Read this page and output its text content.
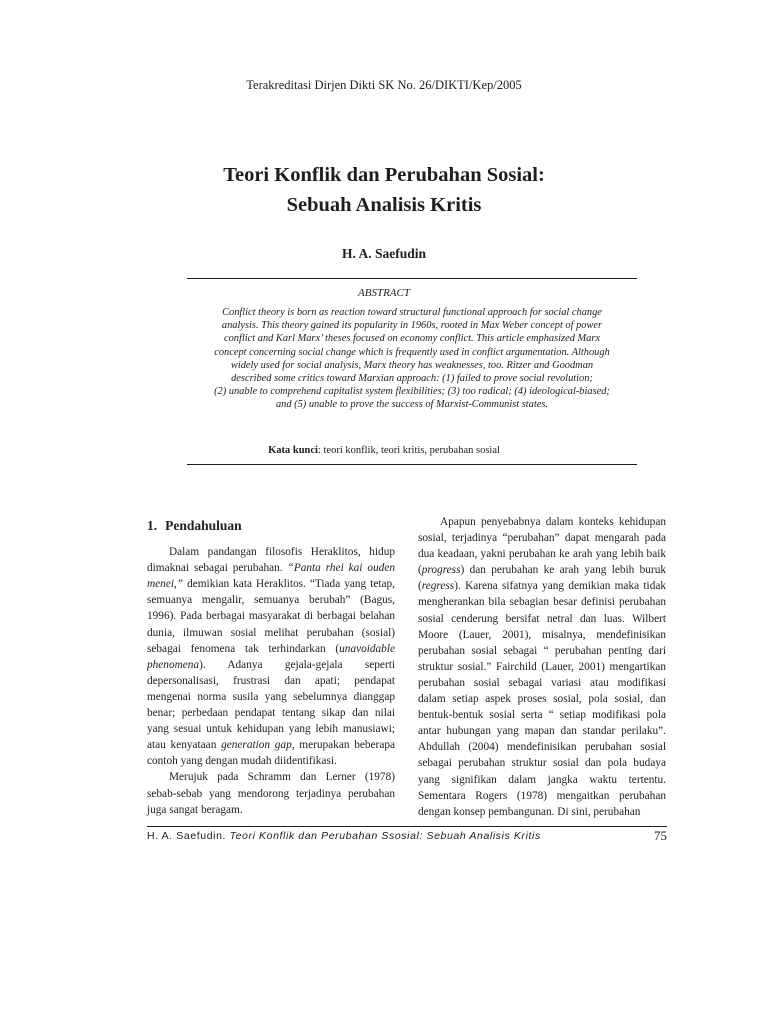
Terakreditasi Dirjen Dikti SK No. 26/DIKTI/Kep/2005
Teori Konflik dan Perubahan Sosial:
Sebuah Analisis Kritis
H. A. Saefudin
ABSTRACT

Conflict theory is born as reaction toward structural functional approach for social change
analysis. This theory gained its popularity in 1960s, rooted in Max Weber concept of power
conflict and Karl Marx’ theses focused on economy conflict. This article emphasized Marx
concept concerning social change which is frequently used in conflict argumentation. Although
widely used for social analysis, Marx theory has weaknesses, too. Ritzer and Goodman
described some critics toward Marxian approach: (1) failed to prove social revolution;
(2) unable to comprehend capitalist system flexibilities; (3) too radical; (4) ideological-biased;
and (5) unable to prove the success of Marxist-Communist states.

Kata kunci: teori konflik, teori kritis, perubahan sosial
1. Pendahuluan

Dalam pandangan filosofis Heraklitos, hidup dimaknai sebagai perubahan. “Panta rhei kai ouden menei,” demikian kata Heraklitos. “Tiada yang tetap, semuanya mengalir, semuanya berubah” (Bagus, 1996). Pada berbagai masyarakat di berbagai belahan dunia, ilmuwan sosial melihat perubahan (sosial) sebagai fenomena tak terhindarkan (unavoidable phenomena). Adanya gejala-gejala seperti depersonalisasi, frustrasi dan apati; pendapat mengenai norma susila yang sebelumnya dianggap benar; perbedaan pendapat tentang sikap dan nilai yang sesuai untuk kehidupan yang lebih manusiawi; atau kenyataan generation gap, merupakan beberapa contoh yang dengan mudah diidentifikasi.

Merujuk pada Schramm dan Lerner (1978) sebab-sebab yang mendorong terjadinya perubahan juga sangat beragam.

Apapun penyebabnya dalam konteks kehidupan sosial, terjadinya “perubahan” dapat mengarah pada dua keadaan, yakni perubahan ke arah yang lebih baik (progress) dan perubahan ke arah yang lebih buruk (regress). Karena sifatnya yang demikian maka tidak mengherankan bila sebagian besar definisi perubahan sosial cenderung bersifat netral dan luas. Wilbert Moore (Lauer, 2001), misalnya, mendefinisikan perubahan sosial sebagai “ perubahan penting dari struktur sosial.” Fairchild (Lauer, 2001) mengartikan perubahan sosial sebagai variasi atau modifikasi dalam setiap aspek proses sosial, pola sosial, dan bentuk-bentuk sosial serta “ setiap modifikasi pola antar hubungan yang mapan dan standar perilaku”. Abdullah (2004) mendefinisikan perubahan sosial sebagai perubahan struktur sosial dan pola budaya yang signifikan dalam jangka waktu tertentu. Sementara Rogers (1978) mengaitkan perubahan dengan konsep pembangunan. Di sini, perubahan

H. A. Saefudin. Teori Konflik dan Perubahan Ssosial: Sebuah Analisis Kritis	75
